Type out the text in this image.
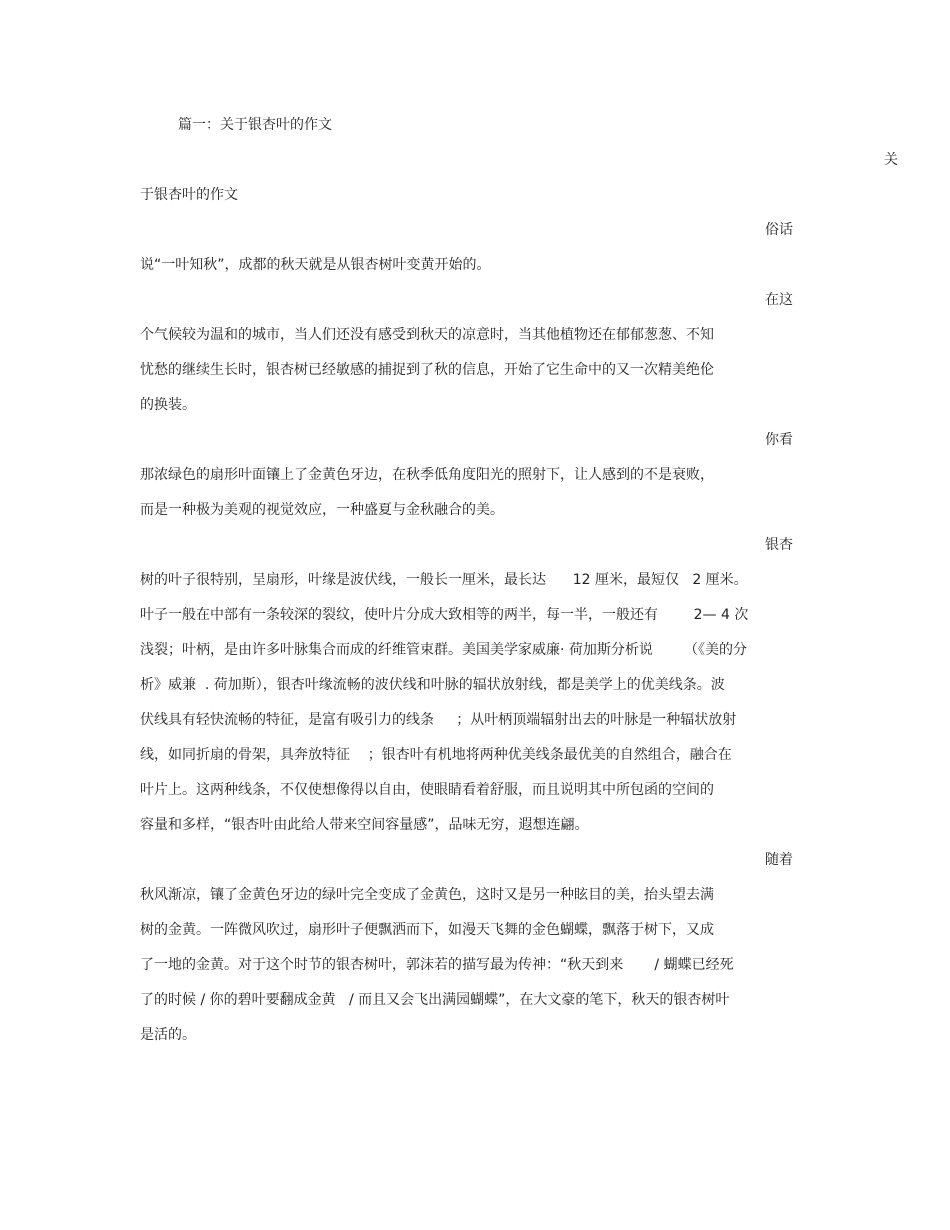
篇一：关于银杏叶的作文
关
于银杏叶的作文
俗话
说“一叶知秋”，成都的秋天就是从银杏树叶变黄开始的。
在这
个气候较为温和的城市，当人们还没有感受到秋天的凉意时，当其他植物还在郁郁葱葱、不知
忧愁的继续生长时，银杏树已经敏感的捕捉到了秋的信息，开始了它生命中的又一次精美绝伦
的换装。
你看
那浓绿色的扇形叶面镶上了金黄色牙边，在秋季低角度阳光的照射下，让人感到的不是衰败，
而是一种极为美观的视觉效应，一种盛夏与金秋融合的美。
银杏
树的叶子很特别，呈扇形，叶缘是波伏线，一般长一厘米，最长达      12 厘米，最短仅   2 厘米。
叶子一般在中部有一条较深的裂纹，使叶片分成大致相等的两半，每一半，一般还有        2— 4 次
浅裂；叶柄，是由许多叶脉集合而成的纤维管束群。美国美学家威廉· 荷加斯分析说       （《美的分
析》威兼  . 荷加斯），银杏叶缘流畅的波伏线和叶脉的辐状放射线，都是美学上的优美线条。波
伏线具有轻快流畅的特征，是富有吸引力的线条     ；从叶柄顶端辐射出去的叶脉是一种辐状放射
线，如同折扇的骨架，具奔放特征    ；银杏叶有机地将两种优美线条最优美的自然组合，融合在
叶片上。这两种线条，不仅使想像得以自由，使眼睛看着舒服，而且说明其中所包函的空间的
容量和多样，“银杏叶由此给人带来空间容量感”，品味无穷，遐想连翩。
随着
秋风渐凉，镶了金黄色牙边的绿叶完全变成了金黄色，这时又是另一种眩目的美，抬头望去满
树的金黄。一阵微风吹过，扇形叶子便飘洒而下，如漫天飞舞的金色蝴蝶，飘落于树下，又成
了一地的金黄。对于这个时节的银杏树叶，郭沫若的描写最为传神：“秋天到来       / 蝴蝶已经死
了的时候 / 你的碧叶要翻成金黄   / 而且又会飞出满园蝴蝶”，在大文豪的笔下，秋天的银杏树叶
是活的。
